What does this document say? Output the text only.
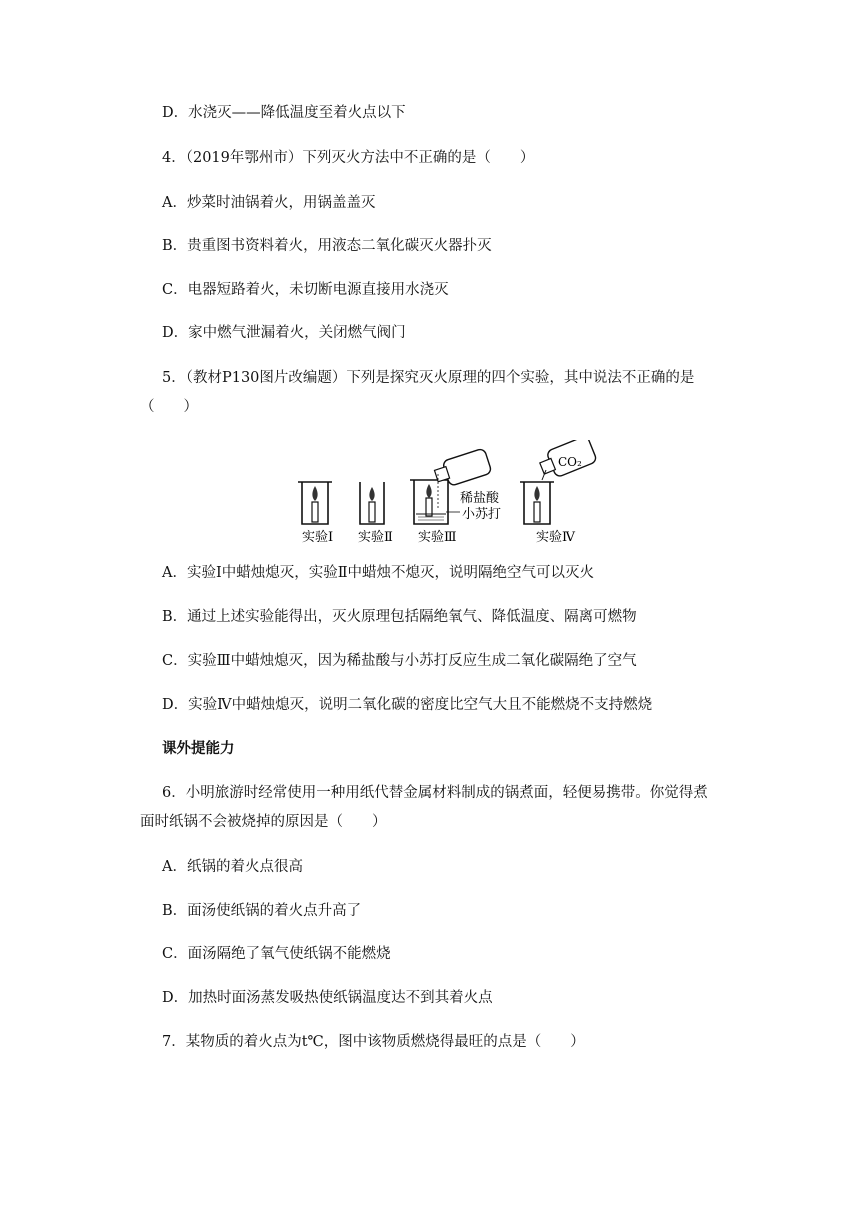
D．水浇灭——降低温度至着火点以下
4．（2019年鄂州市）下列灭火方法中不正确的是（　　）
A．炒菜时油锅着火，用锅盖盖灭
B．贵重图书资料着火，用液态二氧化碳灭火器扑灭
C．电器短路着火，未切断电源直接用水浇灭
D．家中燃气泄漏着火，关闭燃气阀门
5．（教材P130图片改编题）下列是探究灭火原理的四个实验，其中说法不正确的是
（　　）
实验Ⅰ 实验Ⅱ 实验Ⅲ	实验Ⅳ
稀盐酸
小苏打
CO₂
A．实验Ⅰ中蜡烛熄灭，实验Ⅱ中蜡烛不熄灭，说明隔绝空气可以灭火
B．通过上述实验能得出，灭火原理包括隔绝氧气、降低温度、隔离可燃物
C．实验Ⅲ中蜡烛熄灭，因为稀盐酸与小苏打反应生成二氧化碳隔绝了空气
D．实验Ⅳ中蜡烛熄灭，说明二氧化碳的密度比空气大且不能燃烧不支持燃烧
课外提能力
6．小明旅游时经常使用一种用纸代替金属材料制成的锅煮面，轻便易携带。你觉得煮
面时纸锅不会被烧掉的原因是（　　）
A．纸锅的着火点很高
B．面汤使纸锅的着火点升高了
C．面汤隔绝了氧气使纸锅不能燃烧
D．加热时面汤蒸发吸热使纸锅温度达不到其着火点
7．某物质的着火点为t℃，图中该物质燃烧得最旺的点是（　　）
